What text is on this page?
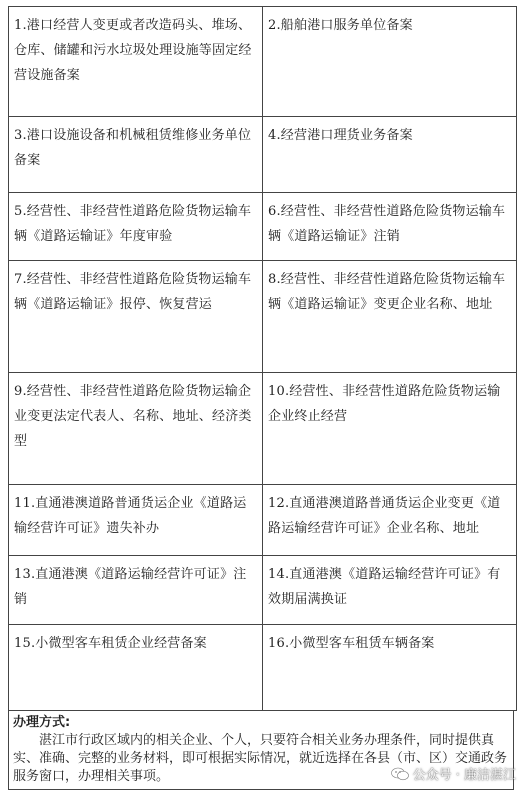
1.港口经营人变更或者改造码头、堆场、仓库、储罐和污水垃圾处理设施等固定经营设施备案	2.船舶港口服务单位备案
3.港口设施设备和机械租赁维修业务单位备案	4.经营港口理货业务备案
5.经营性、非经营性道路危险货物运输车辆《道路运输证》年度审验	6.经营性、非经营性道路危险货物运输车辆《道路运输证》注销
7.经营性、非经营性道路危险货物运输车辆《道路运输证》报停、恢复营运	8.经营性、非经营性道路危险货物运输车辆《道路运输证》变更企业名称、地址
9.经营性、非经营性道路危险货物运输企业变更法定代表人、名称、地址、经济类型	10.经营性、非经营性道路危险货物运输企业终止经营
11.直通港澳道路普通货运企业《道路运输经营许可证》遗失补办	12.直通港澳道路普通货运企业变更《道路运输经营许可证》企业名称、地址
13.直通港澳《道路运输经营许可证》注销	14.直通港澳《道路运输经营许可证》有效期届满换证
15.小微型客车租赁企业经营备案	16.小微型客车租赁车辆备案
办理方式:
湛江市行政区域内的相关企业、个人，只要符合相关业务办理条件，同时提供真实、准确、完整的业务材料，即可根据实际情况，就近选择在各县（市、区）交通政务服务窗口，办理相关事项。	公众号 · 廉洁湛江
